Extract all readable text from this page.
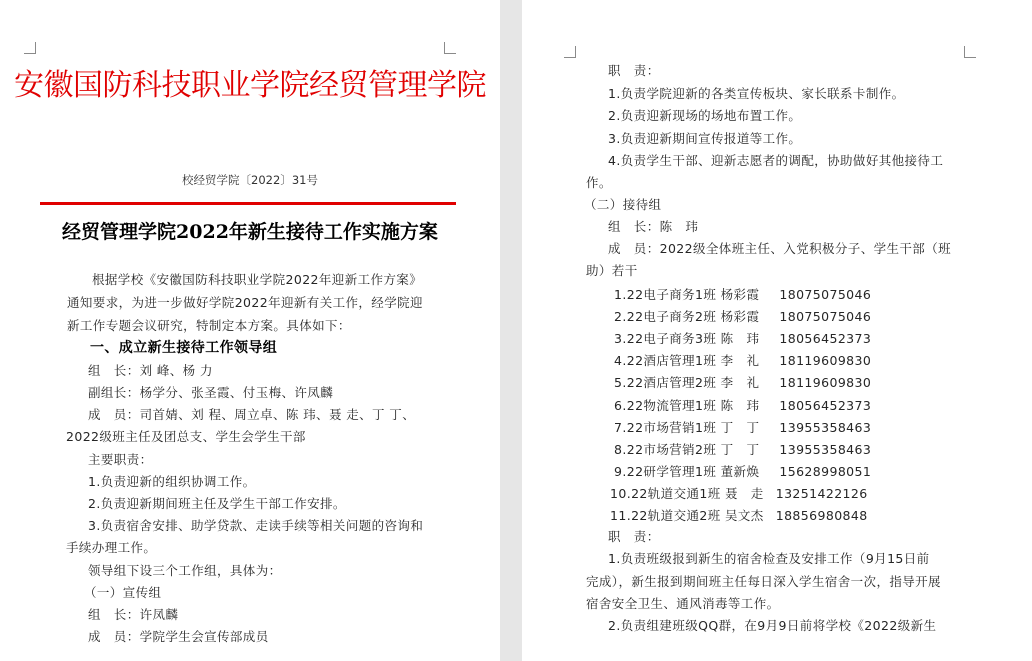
安徽国防科技职业学院经贸管理学院
校经贸学院〔2022〕31号
经贸管理学院2022年新生接待工作实施方案
根据学校《安徽国防科技职业学院2022年迎新工作方案》
通知要求，为进一步做好学院2022年迎新有关工作，经学院迎
新工作专题会议研究，特制定本方案。具体如下：
一、成立新生接待工作领导组
组　长：刘 峰、杨 力
副组长：杨学分、张圣霞、付玉梅、许凤麟
成　员：司首婧、刘 程、周立卓、陈 玮、聂 走、丁 丁、
2022级班主任及团总支、学生会学生干部
主要职责：
1.负责迎新的组织协调工作。
2.负责迎新期间班主任及学生干部工作安排。
3.负责宿舍安排、助学贷款、走读手续等相关问题的咨询和
手续办理工作。
领导组下设三个工作组，具体为：
（一）宣传组
组　长：许凤麟
成　员：学院学生会宣传部成员
职　责：
1.负责学院迎新的各类宣传板块、家长联系卡制作。
2.负责迎新现场的场地布置工作。
3.负责迎新期间宣传报道等工作。
4.负责学生干部、迎新志愿者的调配，协助做好其他接待工
作。
（二）接待组
组　长：陈　玮
成　员：2022级全体班主任、入党积极分子、学生干部（班
助）若干
1.22电子商务1班 杨彩霞 18075075046
2.22电子商务2班 杨彩霞 18075075046
3.22电子商务3班 陈　玮 18056452373
4.22酒店管理1班 李　礼 18119609830
5.22酒店管理2班 李　礼 18119609830
6.22物流管理1班 陈　玮 18056452373
7.22市场营销1班 丁　丁 13955358463
8.22市场营销2班 丁　丁 13955358463
9.22研学管理1班 董新焕 15628998051
10.22轨道交通1班 聂　走 13251422126
11.22轨道交通2班 吴文杰 18856980848
职　责：
1.负责班级报到新生的宿舍检查及安排工作（9月15日前
完成），新生报到期间班主任每日深入学生宿舍一次，指导开展
宿舍安全卫生、通风消毒等工作。
2.负责组建班级QQ群，在9月9日前将学校《2022级新生
